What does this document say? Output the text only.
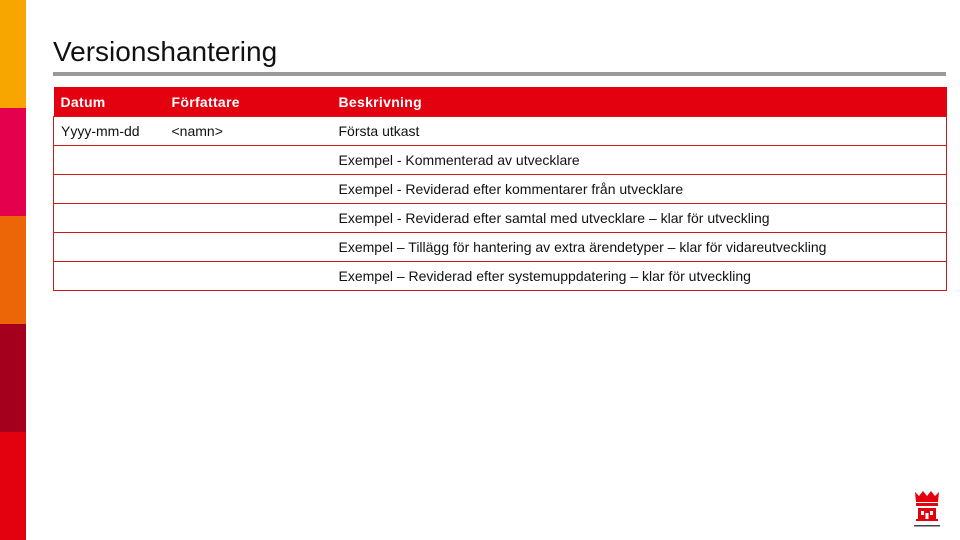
Versionshantering
Datum	Författare	Beskrivning
Yyyy-mm-dd	<namn>	Första utkast
		Exempel - Kommenterad av utvecklare
		Exempel - Reviderad efter kommentarer från utvecklare
		Exempel - Reviderad efter samtal med utvecklare – klar för utveckling
		Exempel – Tillägg för hantering av extra ärendetyper – klar för vidareutveckling
		Exempel – Reviderad efter systemuppdatering – klar för utveckling
